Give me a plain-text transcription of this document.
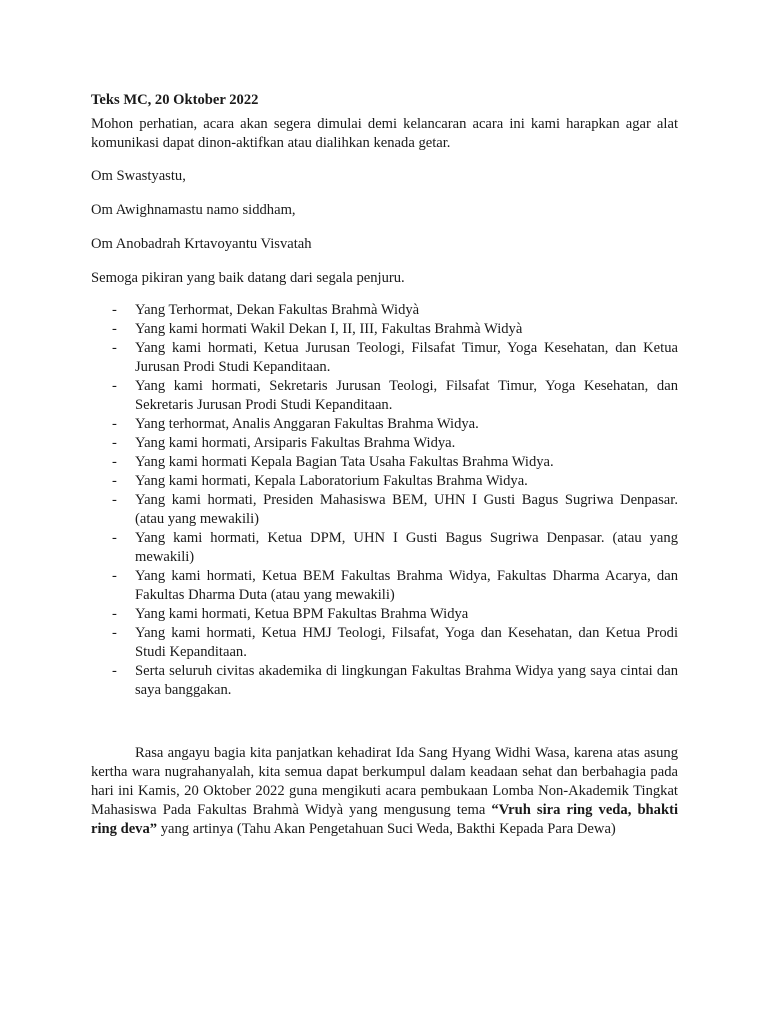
Teks MC, 20 Oktober 2022

Mohon perhatian, acara akan segera dimulai demi kelancaran acara ini kami harapkan agar alat komunikasi dapat dinon-aktifkan atau dialihkan kenada getar.

Om Swastyastu,

Om Awighnamastu namo siddham,

Om Anobadrah Krtavoyantu Visvatah

Semoga pikiran yang baik datang dari segala penjuru.

- Yang Terhormat, Dekan Fakultas Brahmà Widyà
- Yang kami hormati Wakil Dekan I, II, III, Fakultas Brahmà Widyà
- Yang kami hormati, Ketua Jurusan Teologi, Filsafat Timur, Yoga Kesehatan, dan Ketua Jurusan Prodi Studi Kepanditaan.
- Yang kami hormati, Sekretaris Jurusan Teologi, Filsafat Timur, Yoga Kesehatan, dan Sekretaris Jurusan Prodi Studi Kepanditaan.
- Yang terhormat, Analis Anggaran Fakultas Brahma Widya.
- Yang kami hormati, Arsiparis Fakultas Brahma Widya.
- Yang kami hormati Kepala Bagian Tata Usaha Fakultas Brahma Widya.
- Yang kami hormati, Kepala Laboratorium Fakultas Brahma Widya.
- Yang kami hormati, Presiden Mahasiswa BEM, UHN I Gusti Bagus Sugriwa Denpasar. (atau yang mewakili)
- Yang kami hormati, Ketua DPM, UHN I Gusti Bagus Sugriwa Denpasar. (atau yang mewakili)
- Yang kami hormati, Ketua BEM Fakultas Brahma Widya, Fakultas Dharma Acarya, dan Fakultas Dharma Duta (atau yang mewakili)
- Yang kami hormati, Ketua BPM Fakultas Brahma Widya
- Yang kami hormati, Ketua HMJ Teologi, Filsafat, Yoga dan Kesehatan, dan Ketua Prodi Studi Kepanditaan.
- Serta seluruh civitas akademika di lingkungan Fakultas Brahma Widya yang saya cintai dan saya banggakan.

Rasa angayu bagia kita panjatkan kehadirat Ida Sang Hyang Widhi Wasa, karena atas asung kertha wara nugrahanyalah, kita semua dapat berkumpul dalam keadaan sehat dan berbahagia pada hari ini Kamis, 20 Oktober 2022 guna mengikuti acara pembukaan Lomba Non-Akademik Tingkat Mahasiswa Pada Fakultas Brahmà Widyà yang mengusung tema “Vruh sira ring veda, bhakti ring deva” yang artinya (Tahu Akan Pengetahuan Suci Weda, Bakthi Kepada Para Dewa)
